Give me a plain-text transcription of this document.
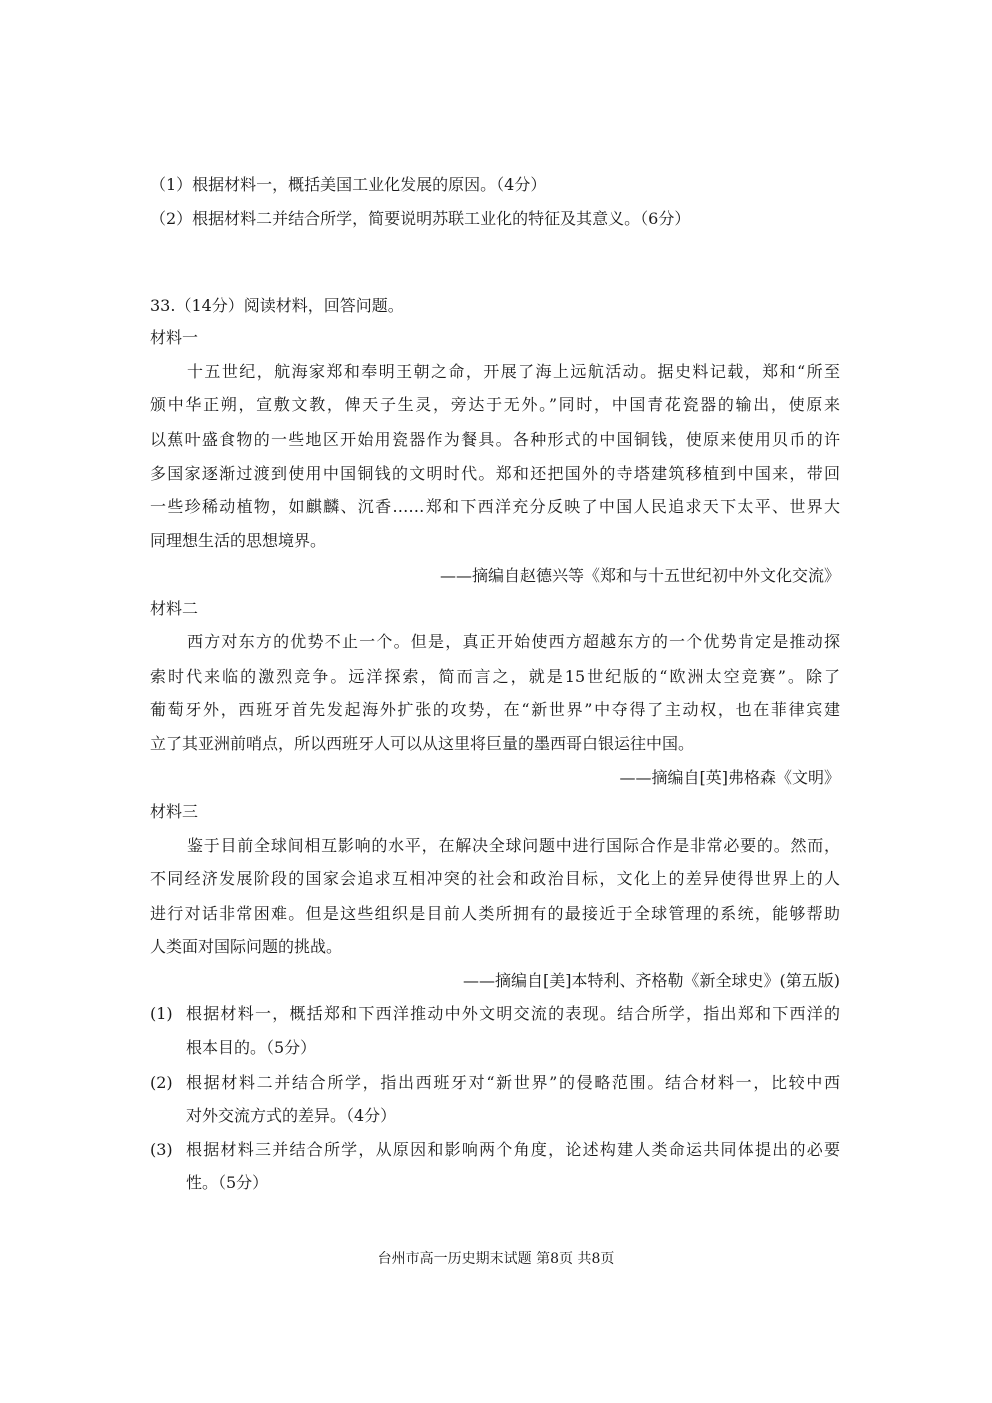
（1）根据材料一，概括美国工业化发展的原因。（4分）
（2）根据材料二并结合所学，简要说明苏联工业化的特征及其意义。（6分）
33.（14分）阅读材料，回答问题。
材料一
十五世纪，航海家郑和奉明王朝之命，开展了海上远航活动。据史料记载，郑和“所至
颁中华正朔，宣敷文教，俾天子生灵，旁达于无外。”同时，中国青花瓷器的输出，使原来
以蕉叶盛食物的一些地区开始用瓷器作为餐具。各种形式的中国铜钱，使原来使用贝币的许
多国家逐渐过渡到使用中国铜钱的文明时代。郑和还把国外的寺塔建筑移植到中国来，带回
一些珍稀动植物，如麒麟、沉香……郑和下西洋充分反映了中国人民追求天下太平、世界大
同理想生活的思想境界。
——摘编自赵德兴等《郑和与十五世纪初中外文化交流》
材料二
西方对东方的优势不止一个。但是，真正开始使西方超越东方的一个优势肯定是推动探
索时代来临的激烈竞争。远洋探索，简而言之，就是15世纪版的“欧洲太空竞赛”。除了
葡萄牙外，西班牙首先发起海外扩张的攻势，在“新世界”中夺得了主动权，也在菲律宾建
立了其亚洲前哨点，所以西班牙人可以从这里将巨量的墨西哥白银运往中国。
——摘编自[英]弗格森《文明》
材料三
鉴于目前全球间相互影响的水平，在解决全球问题中进行国际合作是非常必要的。然而，
不同经济发展阶段的国家会追求互相冲突的社会和政治目标，文化上的差异使得世界上的人
进行对话非常困难。但是这些组织是目前人类所拥有的最接近于全球管理的系统，能够帮助
人类面对国际问题的挑战。
——摘编自[美]本特利、齐格勒《新全球史》(第五版)
(1) 根据材料一，概括郑和下西洋推动中外文明交流的表现。结合所学，指出郑和下西洋的
根本目的。（5分）
(2) 根据材料二并结合所学，指出西班牙对“新世界”的侵略范围。结合材料一，比较中西
对外交流方式的差异。（4分）
(3) 根据材料三并结合所学，从原因和影响两个角度，论述构建人类命运共同体提出的必要
性。（5分）
台州市高一历史期末试题 第8页 共8页
